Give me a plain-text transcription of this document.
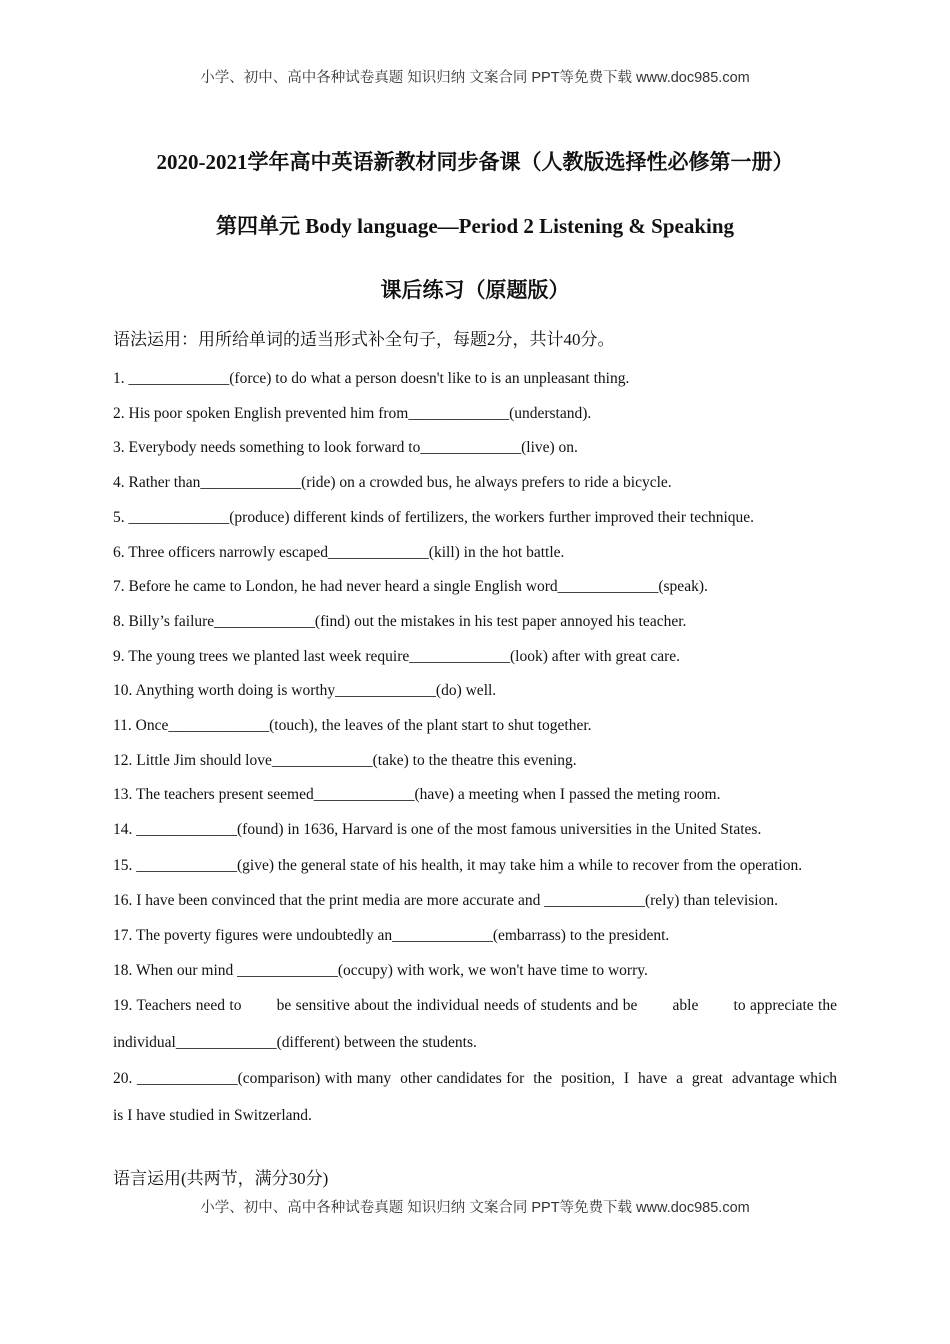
小学、初中、高中各种试卷真题 知识归纳 文案合同 PPT等免费下载 www.doc985.com
2020-2021学年高中英语新教材同步备课（人教版选择性必修第一册）
第四单元 Body language—Period 2 Listening & Speaking
课后练习（原题版）
语法运用：用所给单词的适当形式补全句子，每题2分，共计40分。
1. _____________(force) to do what a person doesn't like to is an unpleasant thing.
2. His poor spoken English prevented him from_____________(understand).
3. Everybody needs something to look forward to_____________(live) on.
4. Rather than_____________(ride) on a crowded bus, he always prefers to ride a bicycle.
5. _____________(produce) different kinds of fertilizers, the workers further improved their technique.
6. Three officers narrowly escaped_____________(kill) in the hot battle.
7. Before he came to London, he had never heard a single English word_____________(speak).
8. Billy’s failure_____________(find) out the mistakes in his test paper annoyed his teacher.
9. The young trees we planted last week require_____________(look) after with great care.
10. Anything worth doing is worthy_____________(do) well.
11. Once_____________(touch), the leaves of the plant start to shut together.
12. Little Jim should love_____________(take) to the theatre this evening.
13. The teachers present seemed_____________(have) a meeting when I passed the meting room.
14. _____________(found) in 1636, Harvard is one of the most famous universities in the United States.
15. _____________(give) the general state of his health, it may take him a while to recover from the operation.
16. I have been convinced that the print media are more accurate and _____________(rely) than television.
17. The poverty figures were undoubtedly an_____________(embarrass) to the president.
18. When our mind _____________(occupy) with work, we won't have time to worry.
19. Teachers need to        be sensitive about the individual needs of students and be        able        to appreciate the individual_____________(different) between the students.
20. _____________(comparison) with many  other candidates for  the  position,  I  have  a  great  advantage which is I have studied in Switzerland.
语言运用(共两节，满分30分)
小学、初中、高中各种试卷真题 知识归纳 文案合同 PPT等免费下载 www.doc985.com
